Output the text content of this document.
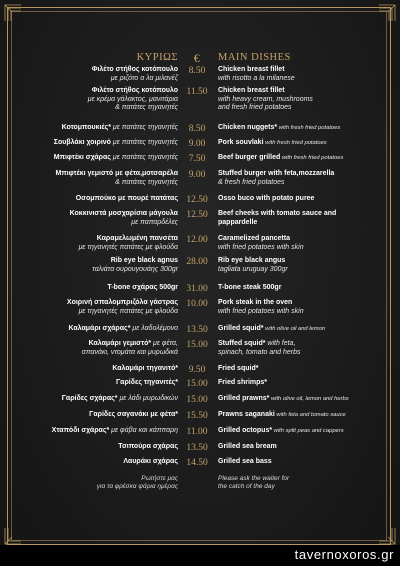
ΚΥΡΙΩΣ	€	MAIN DISHES
Φιλέτο στήθος κοτόπουλο
με ριζότο α λα μιλανέζ
8.50	Chicken breast fillet
with risotto a la milanese
Φιλέτο στήθος κοτόπουλο
με κρέμα γάλακτος, μανιτάρια
& πατάτες τηγανητές
11.50	Chicken breast fillet
with heavy cream, mushrooms
and fresh fried potatoes
Κοτομπουκιές* με πατάτες τηγανητές	8.50	Chicken nuggets* with fresh fried potatoes
Σουβλάκι χοιρινό με πατάτες τηγανητές	9.00	Pork souvlaki with fresh fried potatoes
Μπιφτέκι σχάρας με πατάτες τηγανητές	7.50	Beef burger grilled with fresh fried potatoes
Μπιφτέκι γεμιστό με φέτα,μοτσαρέλα
& πατάτες τηγανητές
9.00	Stuffed burger with feta,mozzarella
& fresh fried potatoes
Οσομπούκο με πουρέ πατάτας 12.50	Osso buco with potato puree
Κοκκινιστά μοσχαρίσια μάγουλα
με παπαρδέλες
12.50	Beef cheeks with tomato sauce and
pappardelle
Καραμελωμένη πανσέτα
με τηγανητές πατάτες με φλούδα
12.00	Caramelized pancetta
with fried potatoes with skin
Rib eye black agnus
ταλιάτα ουρουγουάης 300gr
28.00	Rib eye black angus
tagliata uruguay 300gr
T-bone σχάρας 500gr 31.00	T-bone steak 500gr
Χοιρινή σπαλομπριζόλα γάστρας
με τηγανητές πατάτες με φλούδα
10.00	Pork steak in the oven
with fried potatoes with skin
Καλαμάρι σχάρας* με λαδολέμονο 13.50	Grilled squid* with olive oil and lemon
Καλαμάρι γεμιστό* με φέτα,
σπανάκι, ντομάτα και μυρωδικά
15.00	Stuffed squid* with feta,
spinach, tomato and herbs
Καλαμάρι τηγανιτό*	9.50	Fried squid*
Γαρίδες τηγανιτές* 15.00	Fried shrimps*
Γαρίδες σχάρας* με λάδι μυρωδικών 15.00	Grilled prawns* with olive oil, lemon and herbs
Γαρίδες σαγανάκι με φέτα* 15.50	Prawns saganaki with feta and tomato sauce
Χταπόδι σχάρας* με φάβα και κάππαρη 11.00	Grilled octopus* with split peas and cappers
Τσιπούρα σχάρας 13.50	Grilled sea bream
Λαυράκι σχάρας 14.50	Grilled sea bass
Ρωτήστε μας
για τα φρέσκα ψάρια ημέρας
Please ask the waiter for
the catch of the day
tavernoxoros.gr
